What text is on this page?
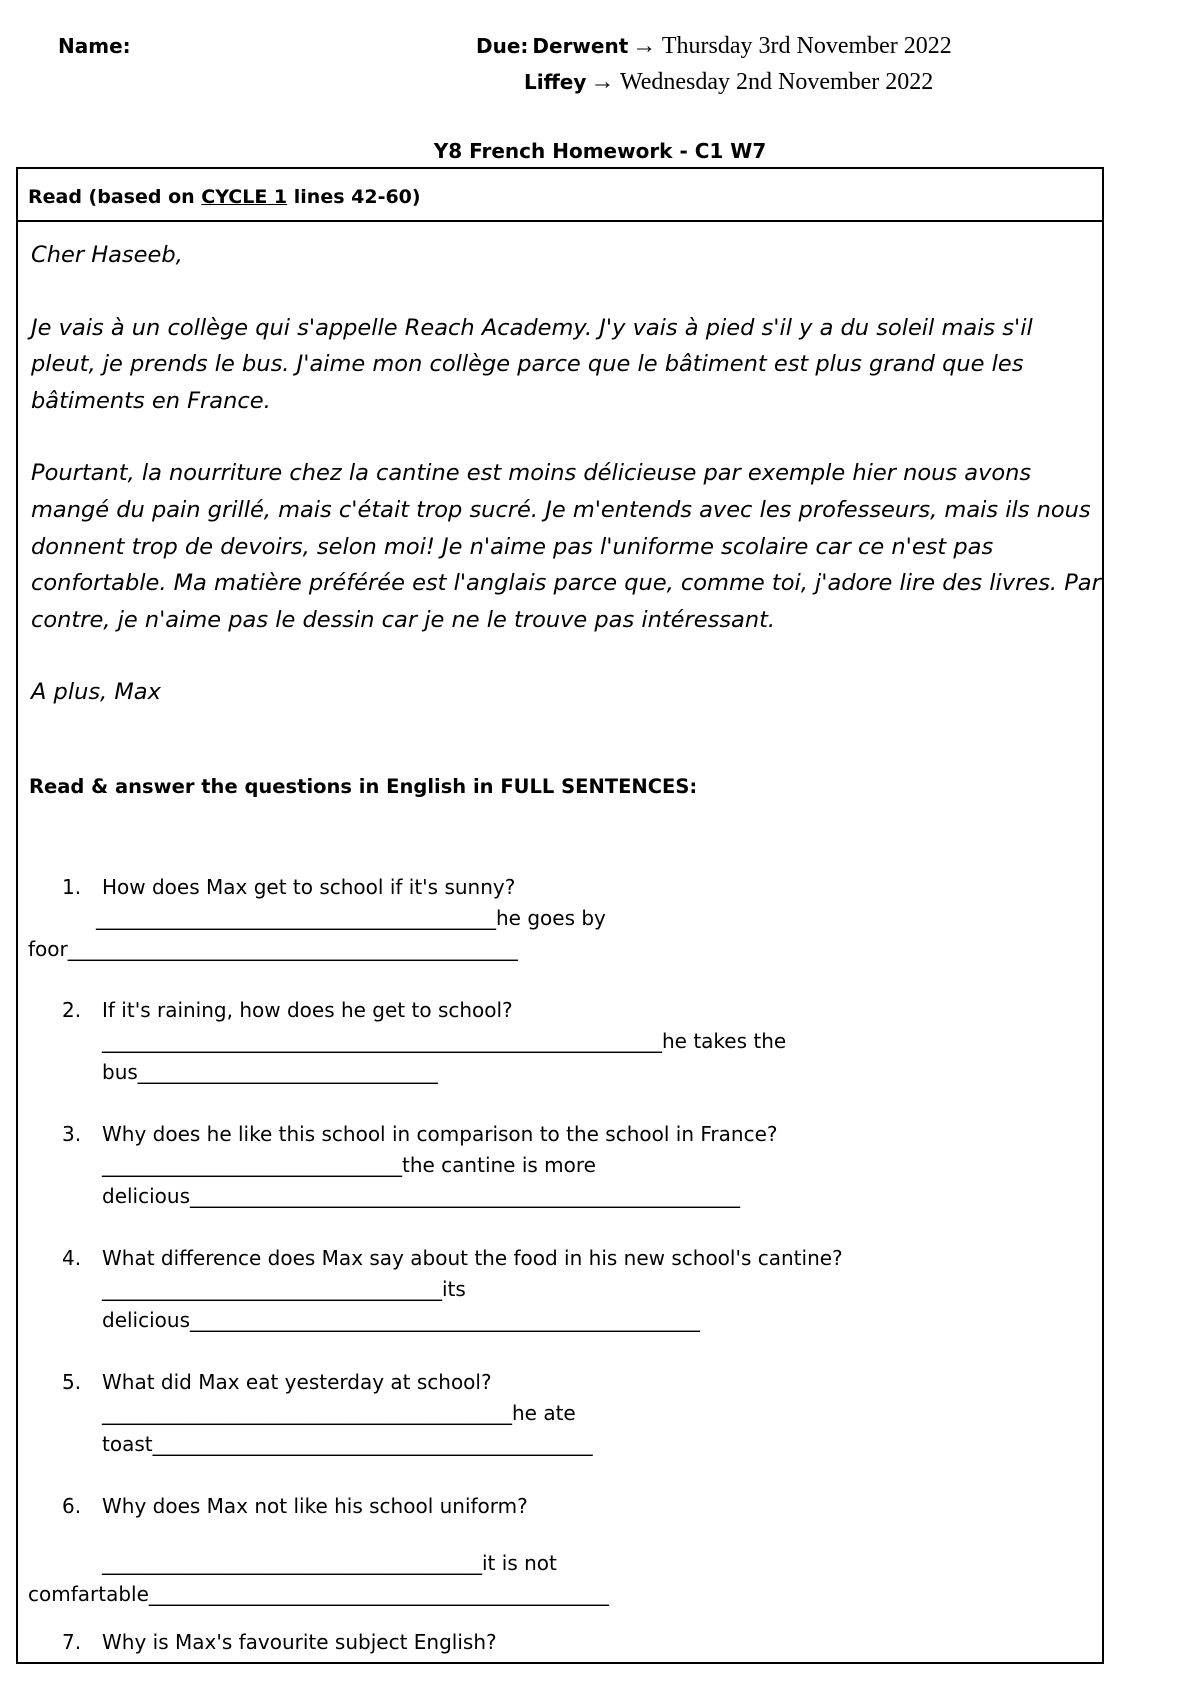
Name:	Due: Derwent → Thursday 3rd November 2022
Liffey → Wednesday 2nd November 2022
Y8 French Homework - C1 W7
Read (based on CYCLE 1 lines 42-60)

Cher Haseeb,

Je vais à un collège qui s'appelle Reach Academy. J'y vais à pied s'il y a du soleil mais s'il pleut, je prends le bus. J'aime mon collège parce que le bâtiment est plus grand que les bâtiments en France.

Pourtant, la nourriture chez la cantine est moins délicieuse par exemple hier nous avons mangé du pain grillé, mais c'était trop sucré. Je m'entends avec les professeurs, mais ils nous donnent trop de devoirs, selon moi! Je n'aime pas l'uniforme scolaire car ce n'est pas confortable. Ma matière préférée est l'anglais parce que, comme toi, j'adore lire des livres. Par contre, je n'aime pas le dessin car je ne le trouve pas intéressant.

A plus, Max

Read & answer the questions in English in FULL SENTENCES:
1. How does Max get to school if it's sunny?
________________________________________he goes by
foor_____________________________________________
2. If it's raining, how does he get to school?
________________________________________________________he takes the
bus______________________________
3. Why does he like this school in comparison to the school in France?
______________________________the cantine is more
delicious_______________________________________________________
4. What difference does Max say about the food in his new school's cantine?
__________________________________its
delicious___________________________________________________
5. What did Max eat yesterday at school?
_________________________________________he ate
toast____________________________________________
6. Why does Max not like his school uniform?
______________________________________it is not
comfartable______________________________________________
7. Why is Max's favourite subject English?
